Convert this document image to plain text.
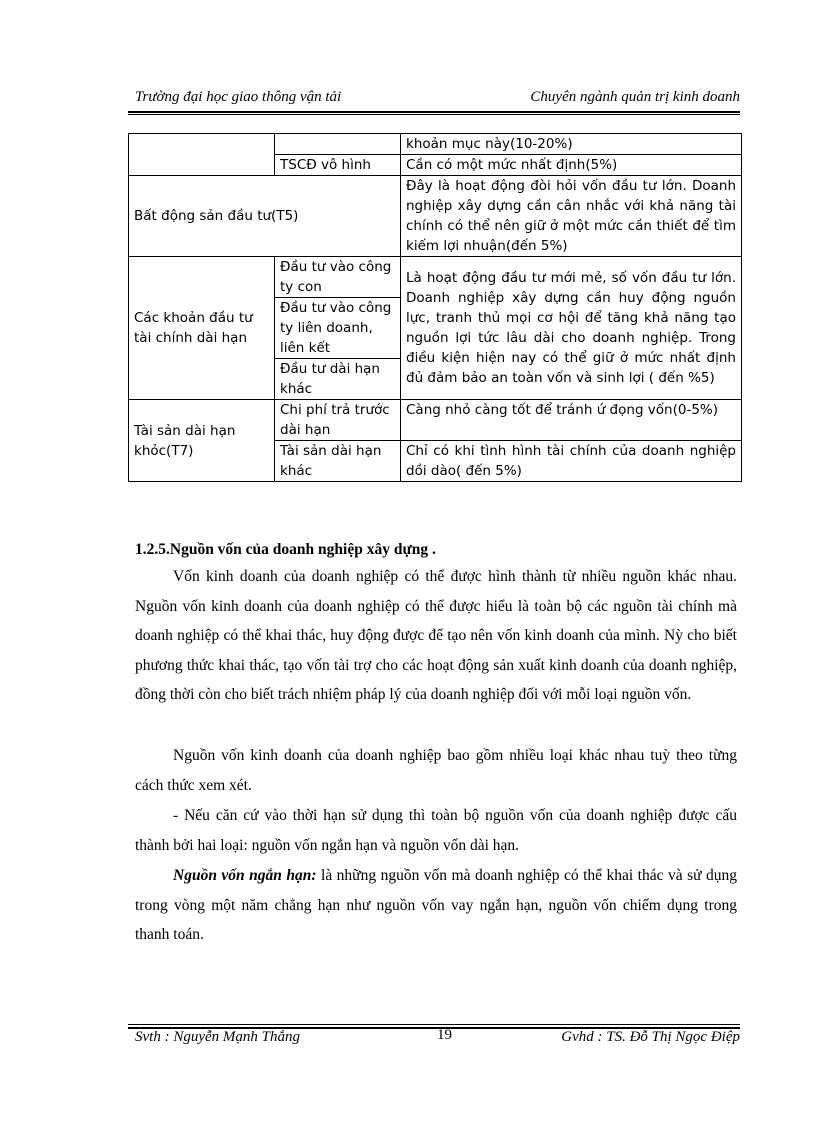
Trường đại học giao thông vận tải	Chuyên ngành quản trị kinh doanh
		khoản mục này(10-20%)
	TSCĐ vô hình	Cần có một mức nhất định(5%)
Bất động sản đầu tư(T5)		Đây là hoạt động đòi hỏi vốn đầu tư lớn. Doanh nghiệp xây dựng cần cân nhắc với khả năng tài chính có thể nên giữ ở một mức cần thiết để tìm kiếm lợi nhuận(đến 5%)
Các khoản đầu tư tài chính dài hạn	Đầu tư vào công ty con	Là hoạt động đầu tư mới mẻ, số vốn đầu tư lớn. Doanh nghiệp xây dựng cần huy động nguồn lực, tranh thủ mọi cơ hội để tăng khả năng tạo nguồn lợi tức lâu dài cho doanh nghiệp. Trong điều kiện hiện nay có thể giữ ở mức nhất định đủ đảm bảo an toàn vốn và sinh lợi ( đến %5)
	Đầu tư vào công ty liên doanh, liên kết	
	Đầu tư dài hạn khác	
Tài sản dài hạn khỏc(T7)	Chi phí trả trước dài hạn	Càng nhỏ càng tốt để tránh ứ đọng vốn(0-5%)
	Tài sản dài hạn khác	Chỉ có khi tình hình tài chính của doanh nghiệp dồi dào( đến 5%)
1.2.5.Nguồn vốn của doanh nghiệp xây dựng .
Vốn kinh doanh của doanh nghiệp có thể được hình thành từ nhiều nguồn khác nhau. Nguồn vốn kinh doanh của doanh nghiệp có thể được hiểu là toàn bộ các nguồn tài chính mà doanh nghiệp có thể khai thác, huy động được để tạo nên vốn kinh doanh của mình. Nỳ cho biết phương thức khai thác, tạo vốn tài trợ cho các hoạt động sản xuất kinh doanh của doanh nghiệp, đồng thời còn cho biết trách nhiệm pháp lý của doanh nghiệp đối với mỗi loại nguồn vốn.
Nguồn vốn kinh doanh của doanh nghiệp bao gồm nhiều loại khác nhau tuỳ theo từng cách thức xem xét.
- Nếu căn cứ vào thời hạn sử dụng thì toàn bộ nguồn vốn của doanh nghiệp được cấu thành bởi hai loại: nguồn vốn ngắn hạn và nguồn vốn dài hạn.
Nguồn vốn ngắn hạn: là những nguồn vốn mà doanh nghiệp có thể khai thác và sử dụng trong vòng một năm chẳng hạn như nguồn vốn vay ngắn hạn, nguồn vốn chiếm dụng trong thanh toán.
Svth : Nguyễn Mạnh Thắng	19	Gvhd : TS. Đỗ Thị Ngọc Điệp
